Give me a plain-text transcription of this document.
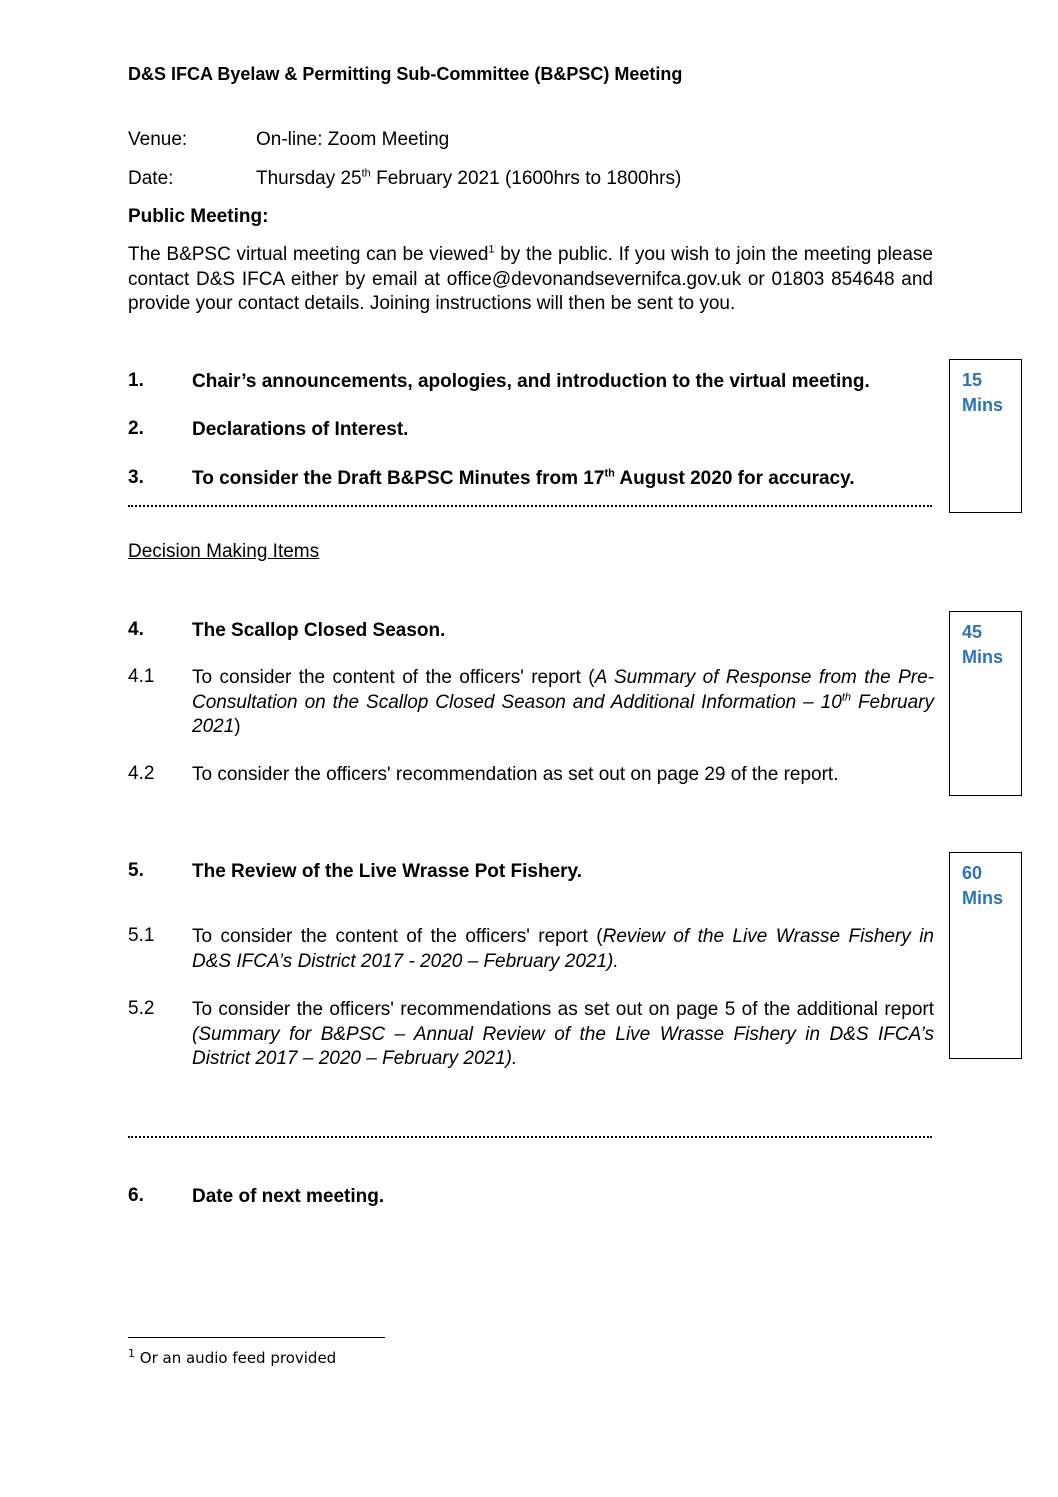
D&S IFCA Byelaw & Permitting Sub-Committee (B&PSC) Meeting
Venue:	On-line: Zoom Meeting
Date:	Thursday 25th February 2021 (1600hrs to 1800hrs)
Public Meeting:
The B&PSC virtual meeting can be viewed$^1$ by the public. If you wish to join the meeting please contact D&S IFCA either by email at office@devonandsevernifca.gov.uk or 01803 854648 and provide your contact details. Joining instructions will then be sent to you.
1.	Chair’s announcements, apologies, and introduction to the virtual meeting.
2.	Declarations of Interest.
3.	To consider the Draft B&PSC Minutes from 17th August 2020 for accuracy.
15
Mins
Decision Making Items
4.	The Scallop Closed Season.
4.1 To consider the content of the officers' report (A Summary of Response from the Pre-Consultation on the Scallop Closed Season and Additional Information – 10th February 2021)
4.2 To consider the officers' recommendation as set out on page 29 of the report.
45
Mins
5.	The Review of the Live Wrasse Pot Fishery.
5.1 To consider the content of the officers' report (Review of the Live Wrasse Fishery in D&S IFCA’s District 2017 - 2020 – February 2021).
5.2 To consider the officers' recommendations as set out on page 5 of the additional report (Summary for B&PSC – Annual Review of the Live Wrasse Fishery in D&S IFCA’s District 2017 – 2020 – February 2021).
60
Mins
6.	Date of next meeting.
$^1$ Or an audio feed provided
